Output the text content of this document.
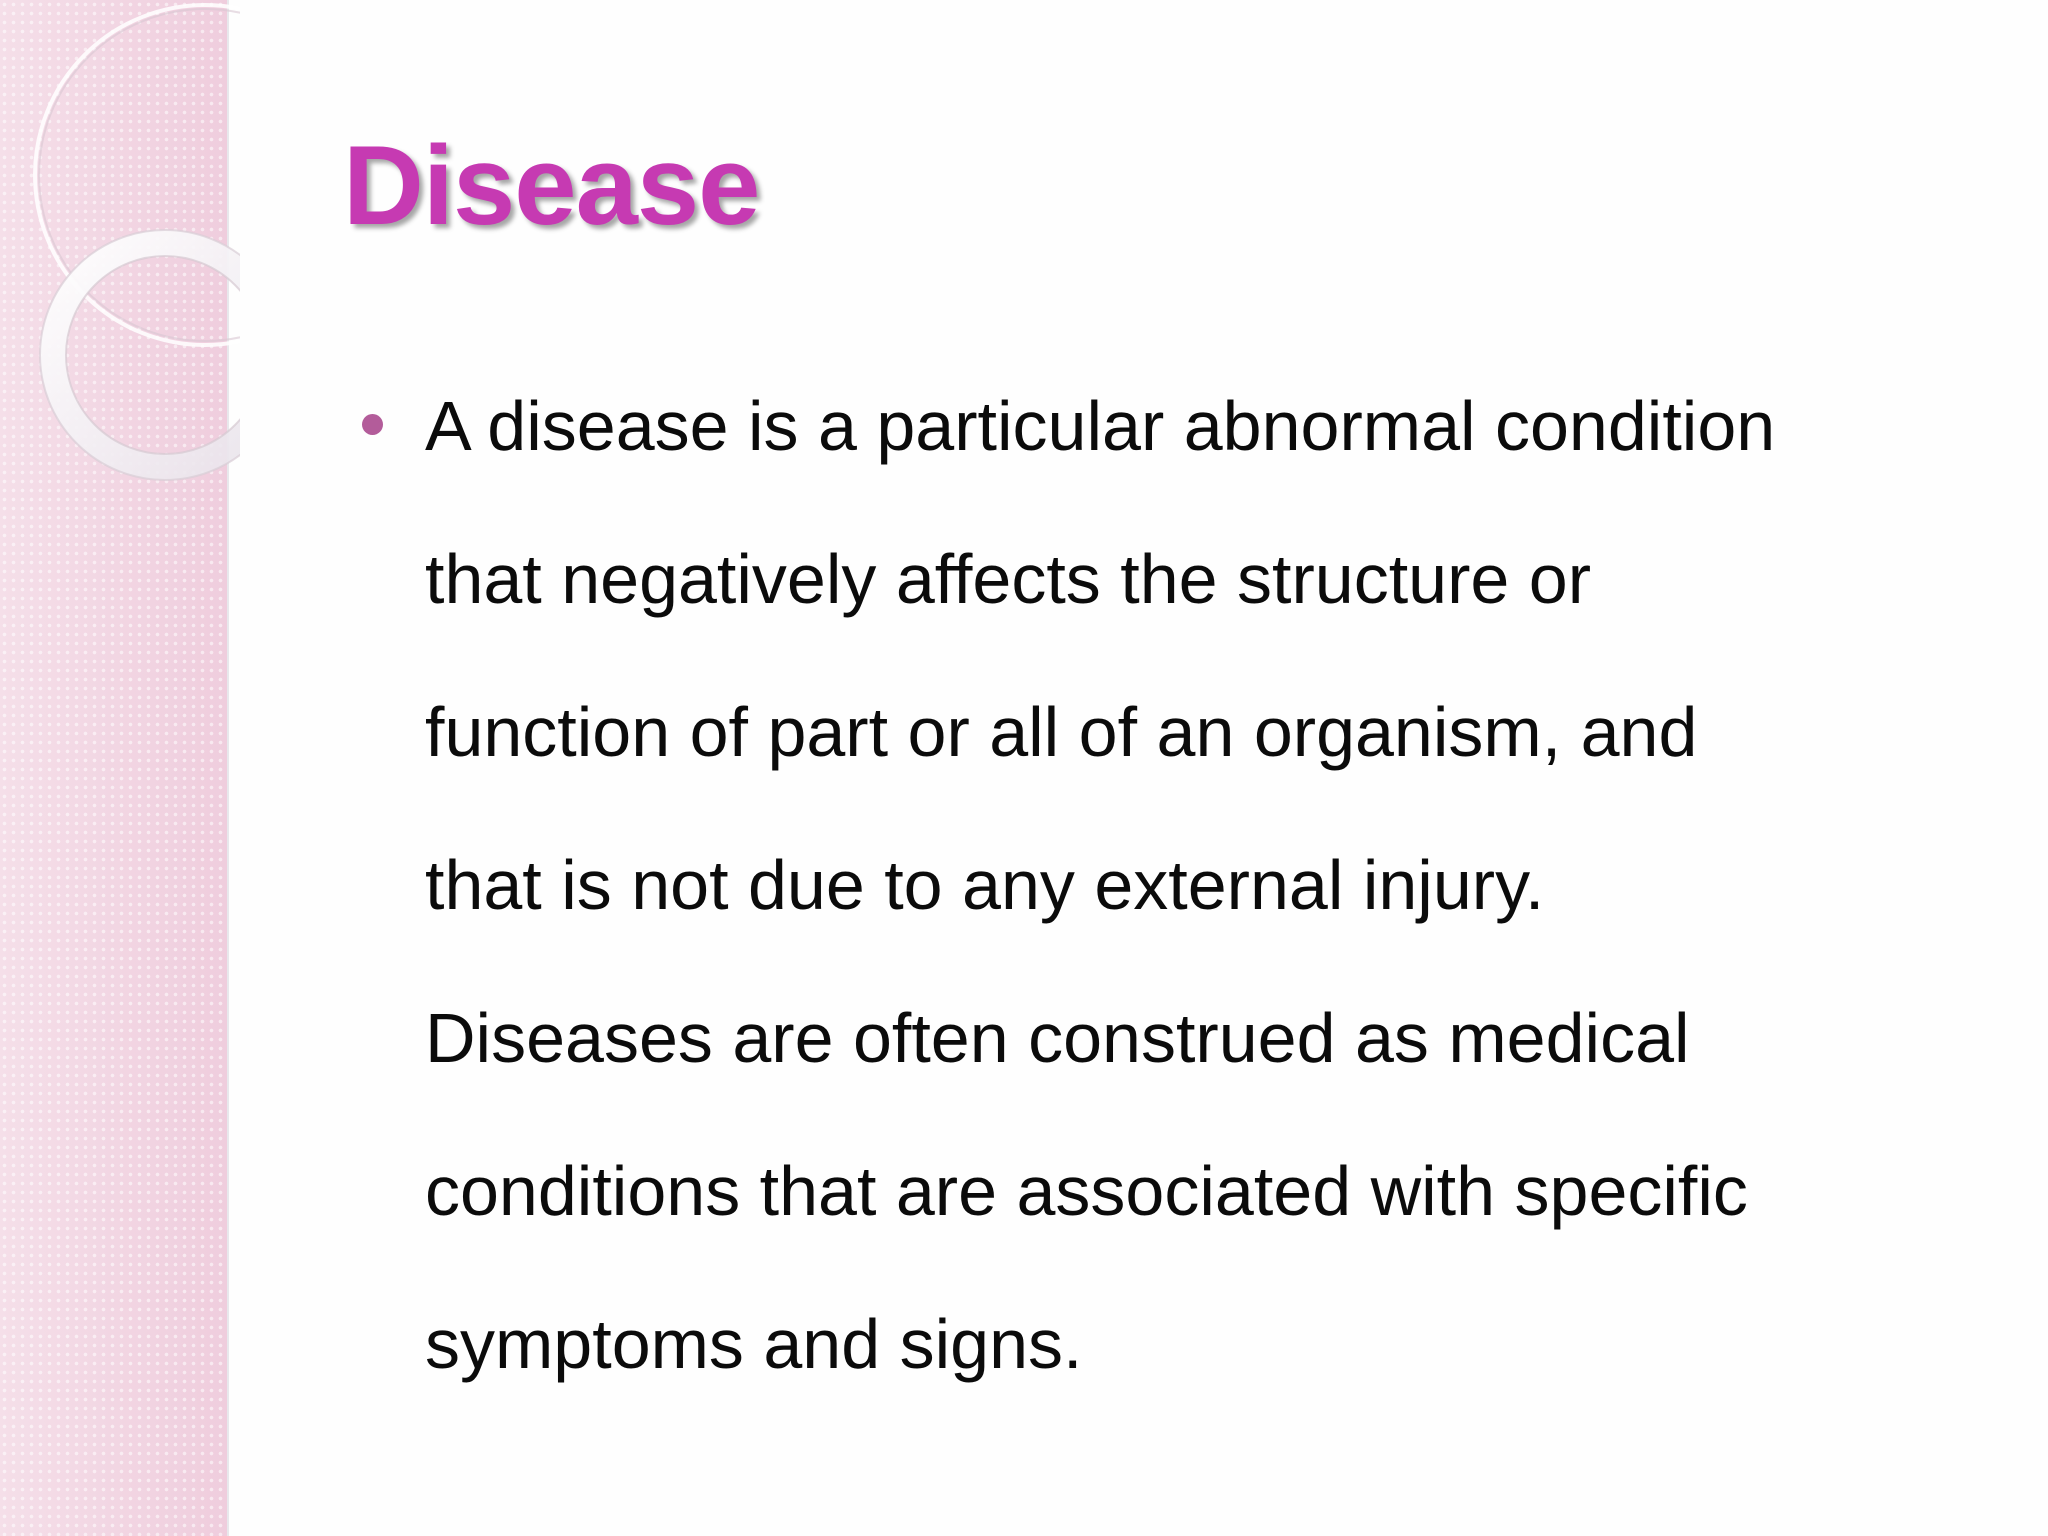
Disease

A disease is a particular abnormal condition
that negatively affects the structure or
function of part or all of an organism, and
that is not due to any external injury.
Diseases are often construed as medical
conditions that are associated with specific
symptoms and signs.
